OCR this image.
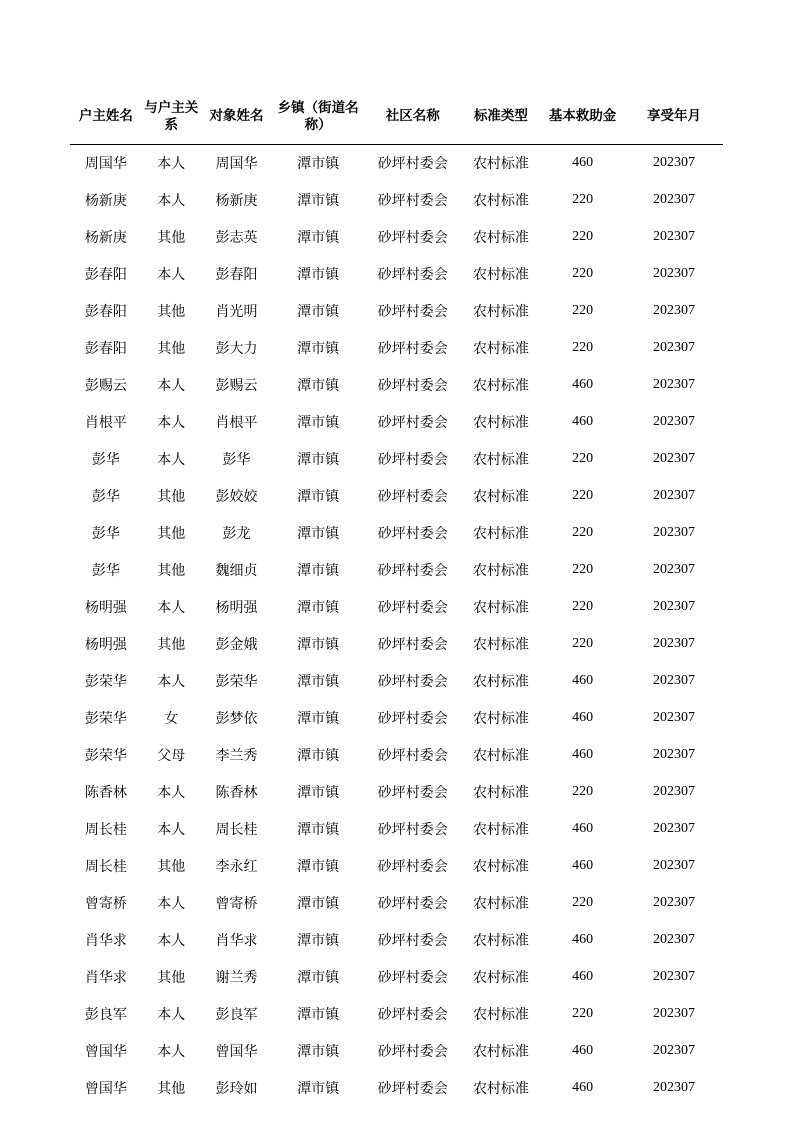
户主姓名	与户主关系	对象姓名	乡镇（街道名称）	社区名称	标准类型	基本救助金	享受年月
周国华	本人	周国华	潭市镇	砂坪村委会	农村标准	460	202307
杨新庚	本人	杨新庚	潭市镇	砂坪村委会	农村标准	220	202307
杨新庚	其他	彭志英	潭市镇	砂坪村委会	农村标准	220	202307
彭春阳	本人	彭春阳	潭市镇	砂坪村委会	农村标准	220	202307
彭春阳	其他	肖光明	潭市镇	砂坪村委会	农村标准	220	202307
彭春阳	其他	彭大力	潭市镇	砂坪村委会	农村标准	220	202307
彭赐云	本人	彭赐云	潭市镇	砂坪村委会	农村标准	460	202307
肖根平	本人	肖根平	潭市镇	砂坪村委会	农村标准	460	202307
彭华	本人	彭华	潭市镇	砂坪村委会	农村标准	220	202307
彭华	其他	彭姣姣	潭市镇	砂坪村委会	农村标准	220	202307
彭华	其他	彭龙	潭市镇	砂坪村委会	农村标准	220	202307
彭华	其他	魏细贞	潭市镇	砂坪村委会	农村标准	220	202307
杨明强	本人	杨明强	潭市镇	砂坪村委会	农村标准	220	202307
杨明强	其他	彭金娥	潭市镇	砂坪村委会	农村标准	220	202307
彭荣华	本人	彭荣华	潭市镇	砂坪村委会	农村标准	460	202307
彭荣华	女	彭梦依	潭市镇	砂坪村委会	农村标准	460	202307
彭荣华	父母	李兰秀	潭市镇	砂坪村委会	农村标准	460	202307
陈香林	本人	陈香林	潭市镇	砂坪村委会	农村标准	220	202307
周长桂	本人	周长桂	潭市镇	砂坪村委会	农村标准	460	202307
周长桂	其他	李永红	潭市镇	砂坪村委会	农村标准	460	202307
曾寄桥	本人	曾寄桥	潭市镇	砂坪村委会	农村标准	220	202307
肖华求	本人	肖华求	潭市镇	砂坪村委会	农村标准	460	202307
肖华求	其他	谢兰秀	潭市镇	砂坪村委会	农村标准	460	202307
彭良军	本人	彭良军	潭市镇	砂坪村委会	农村标准	220	202307
曾国华	本人	曾国华	潭市镇	砂坪村委会	农村标准	460	202307
曾国华	其他	彭玲如	潭市镇	砂坪村委会	农村标准	460	202307
